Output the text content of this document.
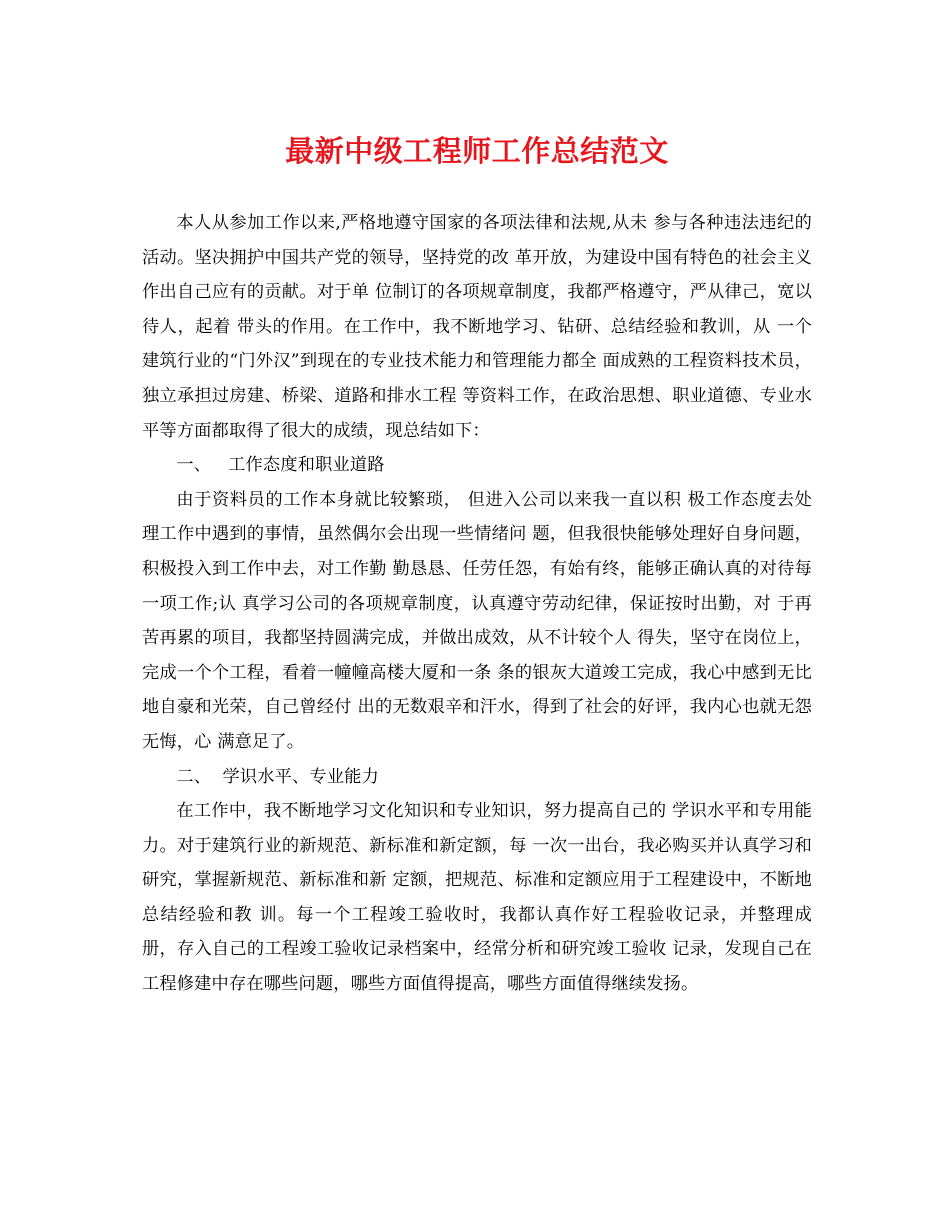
最新中级工程师工作总结范文

本人从参加工作以来,严格地遵守国家的各项法律和法规,从未 参与各种违法违纪的活动。坚决拥护中国共产党的领导，坚持党的改 革开放，为建设中国有特色的社会主义作出自己应有的贡献。对于单 位制订的各项规章制度，我都严格遵守，严从律己，宽以待人，起着 带头的作用。在工作中，我不断地学习、钻研、总结经验和教训，从 一个建筑行业的“门外汉”到现在的专业技术能力和管理能力都全 面成熟的工程资料技术员，独立承担过房建、桥梁、道路和排水工程 等资料工作，在政治思想、职业道德、专业水平等方面都取得了很大的成绩，现总结如下：

一、   工作态度和职业道路

由于资料员的工作本身就比较繁琐， 但进入公司以来我一直以积 极工作态度去处理工作中遇到的事情，虽然偶尔会出现一些情绪问 题，但我很快能够处理好自身问题，积极投入到工作中去，对工作勤 勤恳恳、任劳任怨，有始有终，能够正确认真的对待每一项工作;认 真学习公司的各项规章制度，认真遵守劳动纪律，保证按时出勤，对 于再苦再累的项目，我都坚持圆满完成，并做出成效，从不计较个人 得失，坚守在岗位上，完成一个个工程，看着一幢幢高楼大厦和一条 条的银灰大道竣工完成，我心中感到无比地自豪和光荣，自己曾经付 出的无数艰辛和汗水，得到了社会的好评，我内心也就无怨无悔，心 满意足了。

二、  学识水平、专业能力

在工作中，我不断地学习文化知识和专业知识，努力提高自己的 学识水平和专用能力。对于建筑行业的新规范、新标准和新定额，每 一次一出台，我必购买并认真学习和研究，掌握新规范、新标准和新 定额，把规范、标准和定额应用于工程建设中，不断地总结经验和教 训。每一个工程竣工验收时，我都认真作好工程验收记录，并整理成 册，存入自己的工程竣工验收记录档案中，经常分析和研究竣工验收 记录，发现自己在工程修建中存在哪些问题，哪些方面值得提高，哪些方面值得继续发扬。
